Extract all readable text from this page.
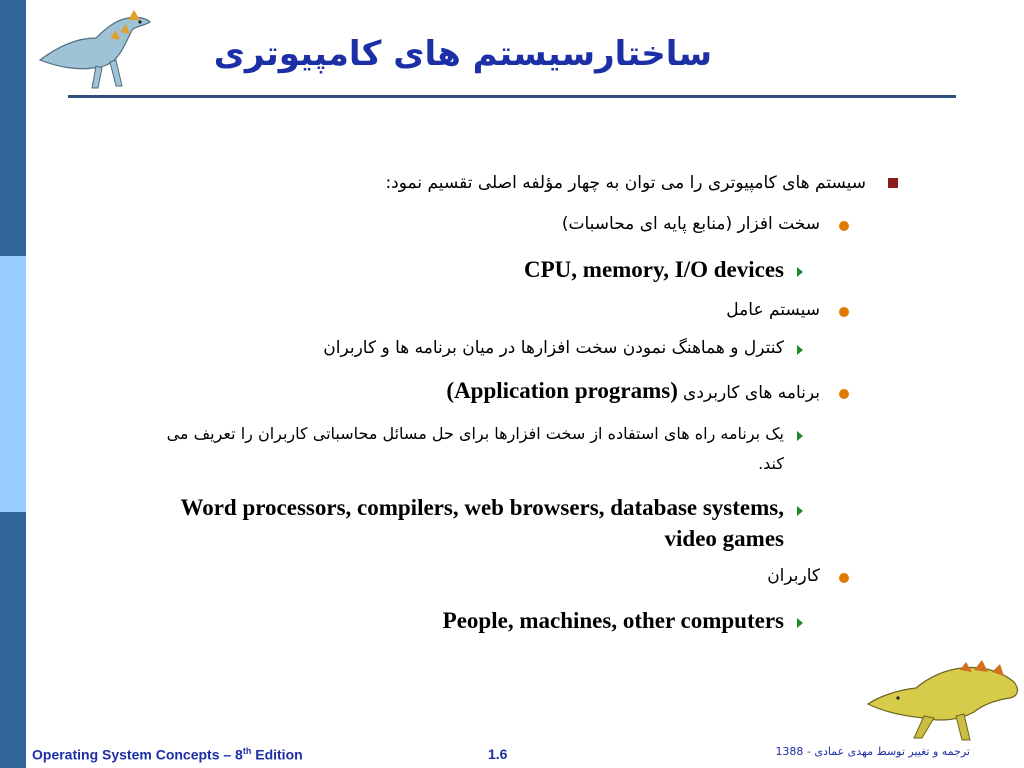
ساختارسیستم های کامپیوتری
سیستم های کامپیوتری را می توان به چهار مؤلفه اصلی تقسیم نمود:
سخت افزار (منابع پایه ای محاسبات)
CPU, memory, I/O devices
سیستم عامل
کنترل و هماهنگ نمودن سخت افزارها در میان برنامه ها و کاربران
(Application programs) برنامه های کاربردی
یک برنامه راه های استفاده از سخت افزارها برای حل مسائل محاسباتی کاربران را تعریف می
کند.
Word processors, compilers, web browsers, database systems,
video games
کاربران
People, machines, other computers
Operating System Concepts – 8th Edition	1.6	ترجمه و تغییر توسط مهدی عمادی - 1388
